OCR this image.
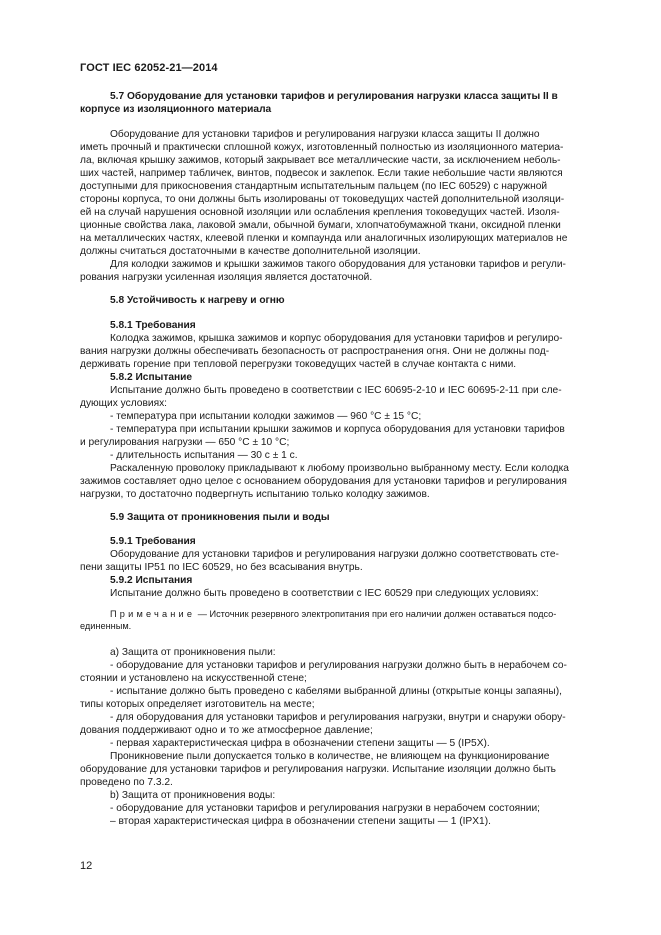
ГОСТ IEC 62052-21—2014

5.7 Оборудование для установки тарифов и регулирования нагрузки класса защиты II в

корпусе из изоляционного материала

Оборудование для установки тарифов и регулирования нагрузки класса защиты II должно

иметь прочный и практически сплошной кожух, изготовленный полностью из изоляционного материа-

ла, включая крышку зажимов, который закрывает все металлические части, за исключением неболь-

ших частей, например табличек, винтов, подвесок и заклепок. Если такие небольшие части являются

доступными для прикосновения стандартным испытательным пальцем (по IEC 60529) с наружной

стороны корпуса, то они должны быть изолированы от токоведущих частей дополнительной изоляци-

ей на случай нарушения основной изоляции или ослабления крепления токоведущих частей. Изоля-

ционные свойства лака, лаковой эмали, обычной бумаги, хлопчатобумажной ткани, оксидной пленки

на металлических частях, клеевой пленки и компаунда или аналогичных изолирующих материалов не

должны считаться достаточными в качестве дополнительной изоляции.

Для колодки зажимов и крышки зажимов такого оборудования для установки тарифов и регули-

рования нагрузки усиленная изоляция является достаточной.

5.8 Устойчивость к нагреву и огню

5.8.1 Требования

Колодка зажимов, крышка зажимов и корпус оборудования для установки тарифов и регулиро-

вания нагрузки должны обеспечивать безопасность от распространения огня. Они не должны под-

держивать горение при тепловой перегрузки токоведущих частей в случае контакта с ними.

5.8.2 Испытание

Испытание должно быть проведено в соответствии с IEC 60695-2-10 и IEC 60695-2-11 при сле-

дующих условиях:

- температура при испытании колодки зажимов — 960 °C ± 15 °C;

- температура при испытании крышки зажимов и корпуса оборудования для установки тарифов

и регулирования нагрузки — 650 °C ± 10 °C;

- длительность испытания — 30 с ± 1 с.

Раскаленную проволоку прикладывают к любому произвольно выбранному месту. Если колодка

зажимов составляет одно целое с основанием оборудования для установки тарифов и регулирования

нагрузки, то достаточно подвергнуть испытанию только колодку зажимов.

5.9 Защита от проникновения пыли и воды

5.9.1 Требования

Оборудование для установки тарифов и регулирования нагрузки должно соответствовать сте-

пени защиты IP51 по IEC 60529, но без всасывания внутрь.

5.9.2 Испытания

Испытание должно быть проведено в соответствии с IEC 60529 при следующих условиях:

Примечание — Источник резервного электропитания при его наличии должен оставаться подсо-

единенным.

а) Защита от проникновения пыли:

- оборудование для установки тарифов и регулирования нагрузки должно быть в нерабочем со-

стоянии и установлено на искусственной стене;

- испытание должно быть проведено с кабелями выбранной длины (открытые концы запаяны),

типы которых определяет изготовитель на месте;

- для оборудования для установки тарифов и регулирования нагрузки, внутри и снаружи обору-

дования поддерживают одно и то же атмосферное давление;

- первая характеристическая цифра в обозначении степени защиты — 5 (IP5X).

Проникновение пыли допускается только в количестве, не влияющем на функционирование

оборудование для установки тарифов и регулирования нагрузки. Испытание изоляции должно быть

проведено по 7.3.2.

b) Защита от проникновения воды:

- оборудование для установки тарифов и регулирования нагрузки в нерабочем состоянии;

– вторая характеристическая цифра в обозначении степени защиты — 1 (IPX1).

12
